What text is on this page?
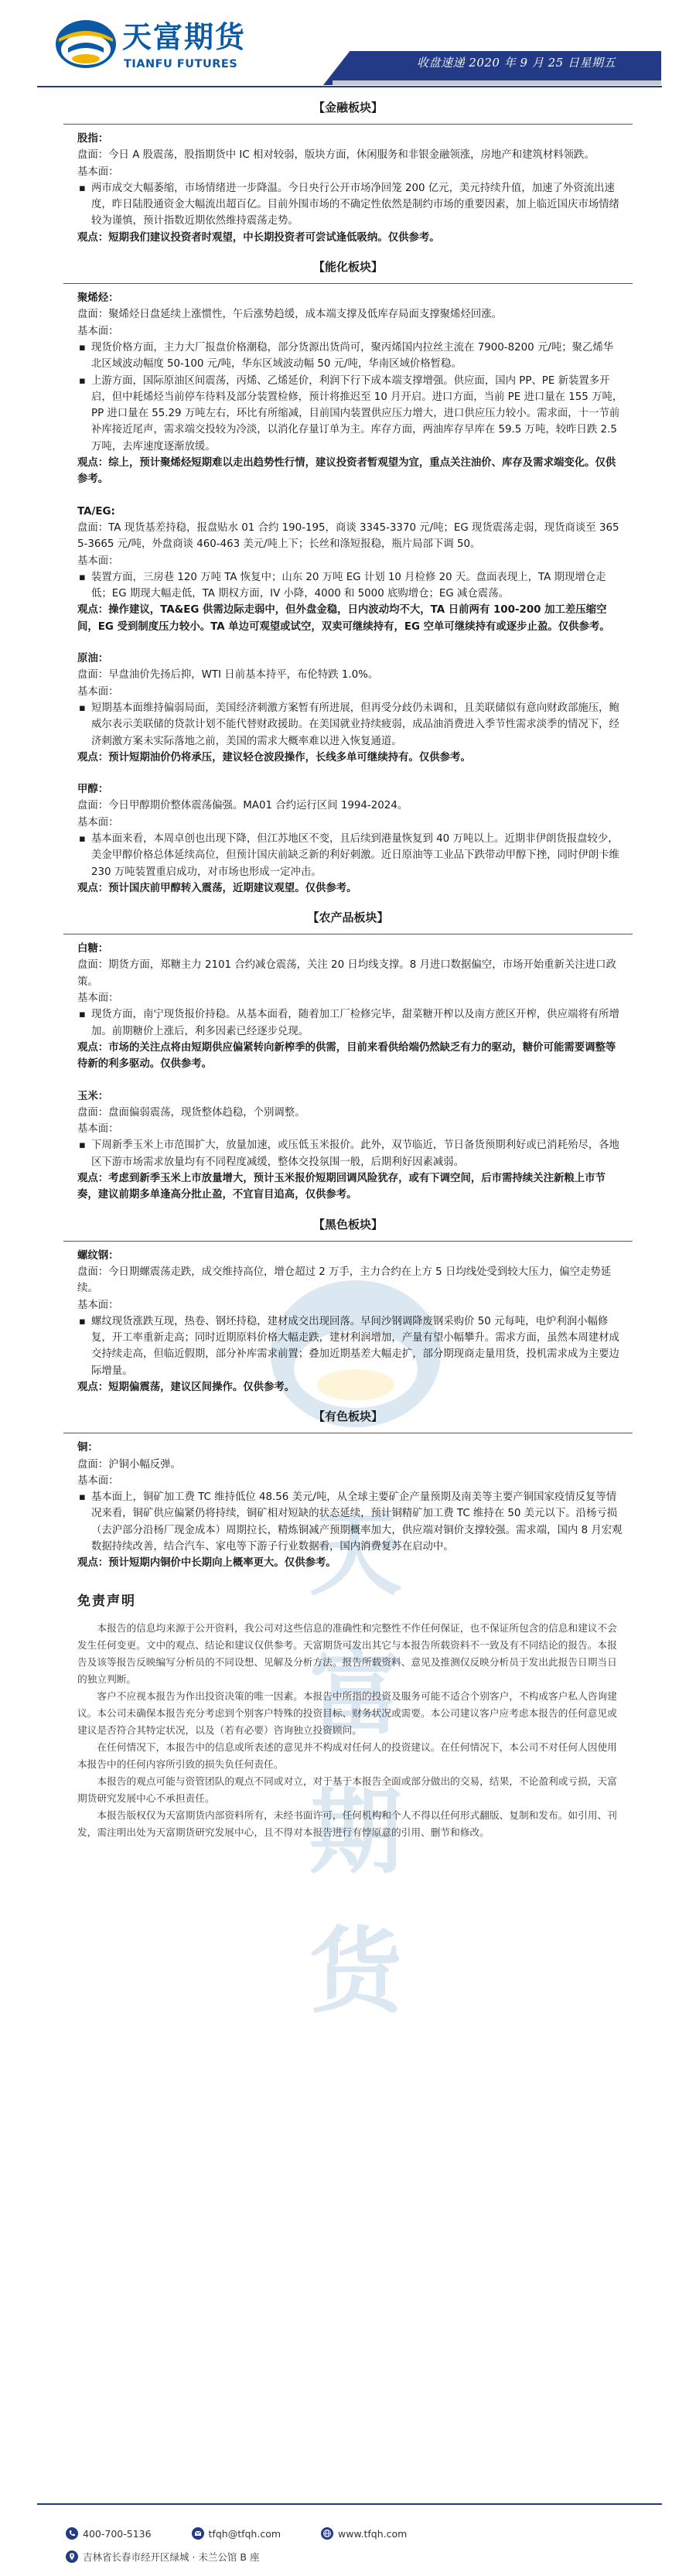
天富期货
TIANFU FUTURES	收盘速递 2020 年 9 月 25 日星期五
天
富
期
货
【金融板块】
股指：
盘面：今日 A 股震荡，股指期货中 IC 相对较弱，版块方面，休闲服务和非银金融领涨，房地产和建筑材料领跌。
基本面：
▪ 两市成交大幅萎缩，市场情绪进一步降温。今日央行公开市场净回笼 200 亿元，美元持续升值，加速了外资流出速度，昨日陆股通资金大幅流出超百亿。目前外围市场的不确定性依然是制约市场的重要因素，加上临近国庆市场情绪较为谨慎，预计指数近期依然维持震荡走势。
观点：短期我们建议投资者时观望，中长期投资者可尝试逢低吸纳。仅供参考。
【能化板块】
聚烯烃：
盘面：聚烯烃日盘延续上涨惯性，午后涨势趋缓，成本端支撑及低库存局面支撑聚烯烃回涨。
基本面：
▪ 现货价格方面，主力大厂报盘价格潮稳，部分货源出货尚可，聚丙烯国内拉丝主流在 7900-8200 元/吨；聚乙烯华北区域波动幅度 50-100 元/吨，华东区域波动幅 50 元/吨，华南区域价格暂稳。
▪ 上游方面，国际原油区间震荡，丙烯、乙烯延价，利润下行下成本端支撑增强。供应面，国内 PP、PE 新装置多开启，但中耗烯烃当前停车待料及部分装置检修，预计将推迟至 10 月开启。进口方面，当前 PE 进口量在 155 万吨，PP 进口量在 55.29 万吨左右，环比有所缩减，目前国内装置供应压力增大，进口供应压力较小。需求面，十一节前补库接近尾声，需求端交投较为冷淡，以消化存量订单为主。库存方面，两油库存早库在 59.5 万吨，较昨日跌 2.5 万吨，去库速度逐渐放缓。
观点：综上，预计聚烯烃短期难以走出趋势性行情，建议投资者暂观望为宜，重点关注油价、库存及需求端变化。仅供参考。
TA/EG:
盘面：TA 现货基差持稳，报盘贴水 01 合约 190-195，商谈 3345-3370 元/吨；EG 现货震荡走弱，现货商谈至 3655-3665 元/吨，外盘商谈 460-463 美元/吨上下；长丝和涤短报稳，瓶片局部下调 50。
基本面：
▪ 装置方面，三房巷 120 万吨 TA 恢复中；山东 20 万吨 EG 计划 10 月检修 20 天。盘面表现上，TA 期现增仓走低；EG 期现大幅走低，TA 期权方面，IV 小降，4000 和 5000 底购增仓；EG 减仓震荡。
观点：操作建议，TA&EG 供需边际走弱中，但外盘金稳，日内波动均不大，TA 日前两有 100-200 加工差压缩空间，EG 受到制度压力较小。TA 单边可观望或试空，双卖可继续持有，EG 空单可继续持有或逐步止盈。仅供参考。
原油：
盘面：早盘油价先扬后抑，WTI 日前基本持平，布伦特跌 1.0%。
基本面：
▪ 短期基本面维持偏弱局面，美国经济刺激方案暂有所进展，但再受分歧仍未调和，且美联储似有意向财政部施压，鲍威尔表示美联储的贷款计划不能代替财政援助。在美国就业持续疲弱，成品油消费进入季节性需求淡季的情况下，经济刺激方案未实际落地之前，美国的需求大概率难以进入恢复通道。
观点：预计短期油价仍将承压，建议轻仓波段操作，长线多单可继续持有。仅供参考。
甲醇：
盘面：今日甲醇期价整体震荡偏强。MA01 合约运行区间 1994-2024。
基本面：
▪ 基本面来看，本周卓创也出现下降，但江苏地区不变，且后续到港量恢复到 40 万吨以上。近期非伊朗货报盘较少，美金甲醇价格总体延续高位，但预计国庆前缺乏新的利好刺激。近日原油等工业品下跌带动甲醇下挫，同时伊朗卡维 230 万吨装置重启成功，对市场也形成一定冲击。
观点：预计国庆前甲醇转入震荡，近期建议观望。仅供参考。
【农产品板块】
白糖：
盘面：期货方面，郑糖主力 2101 合约减仓震荡，关注 20 日均线支撑。8 月进口数据偏空，市场开始重新关注进口政策。
基本面：
▪ 现货方面，南宁现货报价持稳。从基本面看，随着加工厂检修完毕，甜菜糖开榨以及南方蔗区开榨，供应端将有所增加。前期糖价上涨后，利多因素已经逐步兑现。
观点：市场的关注点将由短期供应偏紧转向新榨季的供需，目前来看供给端仍然缺乏有力的驱动，糖价可能需要调整等待新的利多驱动。仅供参考。
玉米：
盘面：盘面偏弱震荡，现货整体趋稳，个别调整。
基本面：
▪ 下周新季玉米上市范围扩大，放量加速，或压低玉米报价。此外，双节临近，节日备货预期利好或已消耗殆尽，各地区下游市场需求放量均有不同程度减缓，整体交投氛围一般，后期利好因素减弱。
观点：考虑到新季玉米上市放量增大，预计玉米报价短期回调风险犹存，或有下调空间，后市需持续关注新粮上市节奏，建议前期多单逢高分批止盈，不宜盲目追高，仅供参考。
【黑色板块】
螺纹钢：
盘面：今日期螺震荡走跌，成交维持高位，增仓超过 2 万手，主力合约在上方 5 日均线处受到较大压力，偏空走势延续。
基本面：
▪ 螺纹现货涨跌互现，热卷、钢坯持稳，建材成交出现回落。早间沙钢调降废钢采购价 50 元每吨，电炉利润小幅修复，开工率重新走高；同时近期原料价格大幅走跌，建材利润增加，产量有望小幅攀升。需求方面，虽然本周建材成交持续走高，但临近假期，部分补库需求前置；叠加近期基差大幅走扩，部分期现商走量用货，投机需求成为主要边际增量。
观点：短期偏震荡，建议区间操作。仅供参考。
【有色板块】
铜：
盘面：沪铜小幅反弹。
基本面：
▪ 基本面上，铜矿加工费 TC 维持低位 48.56 美元/吨，从全球主要矿企产量预期及南美等主要产铜国家疫情反复等情况来看，铜矿供应偏紧仍将持续，铜矿相对短缺的状态延续，预计铜精矿加工费 TC 维持在 50 美元以下。沿杨亏损（去沪部分沿杨厂现金成本）周期拉长，精炼铜减产预期概率加大，供应端对铜价支撑较强。需求端，国内 8 月宏观数据持续改善，结合汽车、家电等下游子行业数据看，国内消费复苏在启动中。
观点：预计短期内铜价中长期向上概率更大。仅供参考。
免责声明

本报告的信息均来源于公开资料，我公司对这些信息的准确性和完整性不作任何保证，也不保证所包含的信息和建议不会发生任何变更。文中的观点、结论和建议仅供参考。天富期货可发出其它与本报告所载资料不一致及有不同结论的报告。本报告及该等报告反映编写分析员的不同设想、见解及分析方法。报告所载资料、意见及推测仅反映分析员于发出此报告日期当日的独立判断。

客户不应视本报告为作出投资决策的唯一因素。本报告中所指的投资及服务可能不适合个别客户，不构成客户私人咨询建议。本公司未确保本报告充分考虑到个别客户特殊的投资目标、财务状况或需要。本公司建议客户应考虑本报告的任何意见或建议是否符合其特定状况，以及（若有必要）咨询独立投资顾问。

在任何情况下，本报告中的信息或所表述的意见并不构成对任何人的投资建议。在任何情况下，本公司不对任何人因使用本报告中的任何内容所引致的损失负任何责任。

本报告的观点可能与资管团队的观点不同或对立，对于基于本报告全面或部分做出的交易，结果，不论盈利或亏损，天富期货研究发展中心不承担责任。

本报告版权仅为天富期货内部资料所有，未经书面许可，任何机构和个人不得以任何形式翻版、复制和发布。如引用、刊发，需注明出处为天富期货研究发展中心，且不得对本报告进行有悖原意的引用、删节和修改。

400-700-5136	tfqh@tfqh.com	www.tfqh.com
吉林省长春市经开区绿城 · 未兰公馆 B 座
